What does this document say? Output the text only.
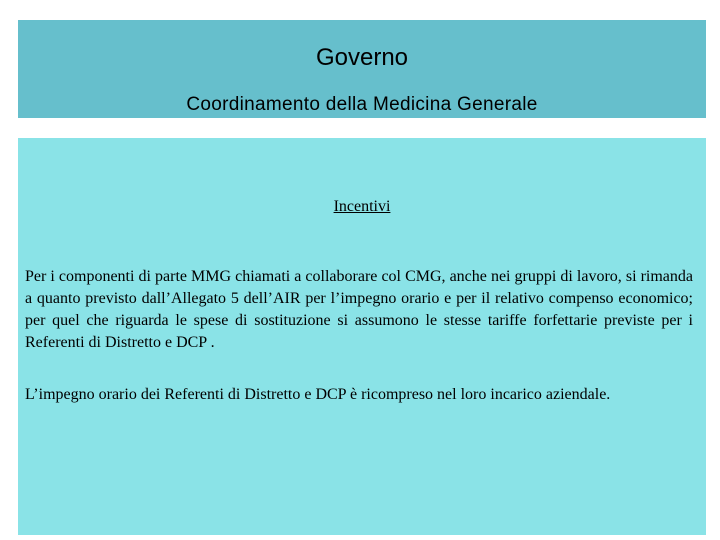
Governo
Coordinamento della Medicina Generale
Incentivi
Per i componenti di parte MMG chiamati a collaborare col CMG, anche nei gruppi di lavoro, si rimanda a quanto previsto dall’Allegato 5 dell’AIR per l’impegno orario e per il relativo compenso economico; per quel che riguarda le spese di sostituzione si assumono le stesse tariffe forfettarie previste per i Referenti di Distretto e DCP .
L’impegno orario dei Referenti di Distretto e DCP è ricompreso nel loro incarico aziendale.
